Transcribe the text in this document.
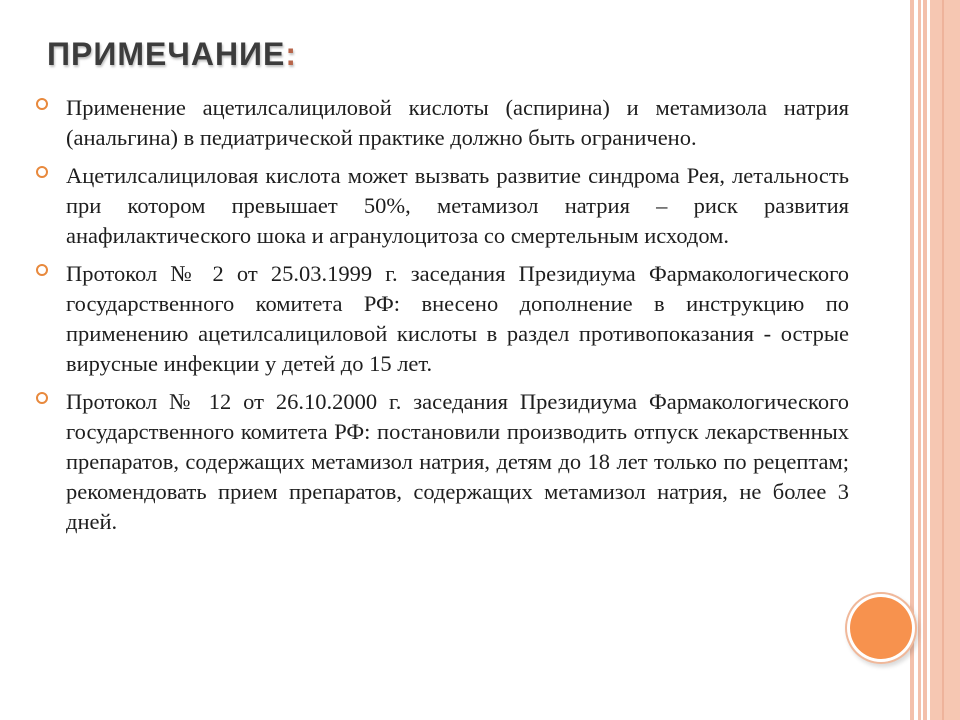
ПРИМЕЧАНИЕ:

Применение ацетилсалициловой кислоты (аспирина) и метамизола натрия (анальгина) в педиатрической практике должно быть ограничено.

Ацетилсалициловая кислота может вызвать развитие синдрома Рея, летальность при котором превышает 50%, метамизол натрия – риск развития анафилактического шока и агранулоцитоза со смертельным исходом.

Протокол № 2 от 25.03.1999 г. заседания Президиума Фармакологического государственного комитета РФ: внесено дополнение в инструкцию по применению ацетилсалициловой кислоты в раздел противопоказания - острые вирусные инфекции у детей до 15 лет.

Протокол № 12 от 26.10.2000 г. заседания Президиума Фармакологического государственного комитета РФ: постановили производить отпуск лекарственных препаратов, содержащих метамизол натрия, детям до 18 лет только по рецептам; рекомендовать прием препаратов, содержащих метамизол натрия, не более 3 дней.
